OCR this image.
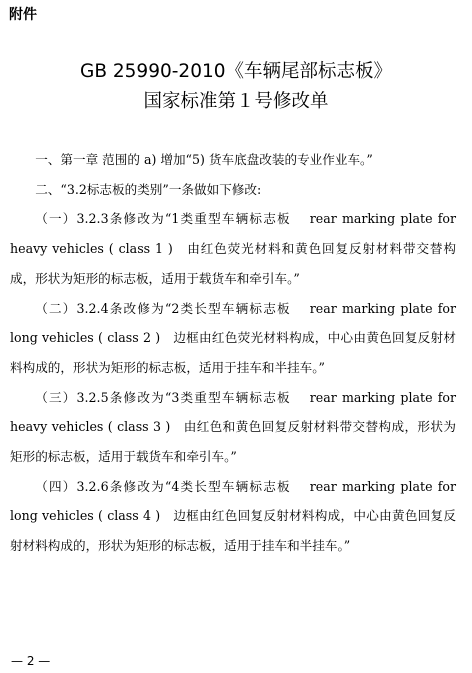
附件
GB 25990-2010《车辆尾部标志板》
国家标准第１号修改单

一、第一章 范围的 a) 增加“5) 货车底盘改装的专业作业车。”

二、“3.2标志板的类别”一条做如下修改:

（一）3.2.3条修改为“1类重型车辆标志板　 rear marking plate for heavy vehicles ( class 1 )　由红色荧光材料和黄色回复反射材料带交替构成，形状为矩形的标志板，适用于载货车和牵引车。”

（二）3.2.4条改修为“2类长型车辆标志板　 rear marking plate for long vehicles ( class 2 )　边框由红色荧光材料构成，中心由黄色回复反射材料构成的，形状为矩形的标志板，适用于挂车和半挂车。”

（三）3.2.5条修改为“3类重型车辆标志板　 rear marking plate for heavy vehicles ( class 3 )　由红色和黄色回复反射材料带交替构成，形状为矩形的标志板，适用于载货车和牵引车。”

（四）3.2.6条修改为“4类长型车辆标志板　 rear marking plate for long vehicles ( class 4 )　边框由红色回复反射材料构成，中心由黄色回复反射材料构成的，形状为矩形的标志板，适用于挂车和半挂车。”

— 2 —
